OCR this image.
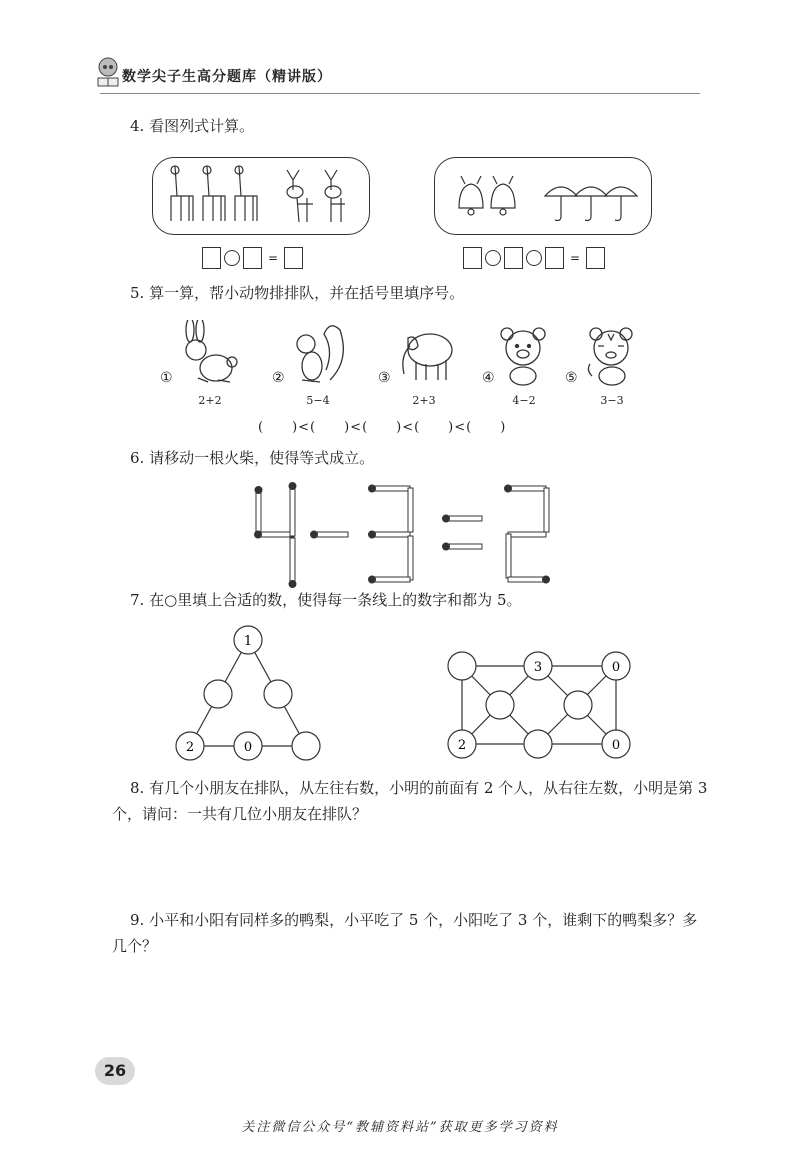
数学尖子生高分题库（精讲版）
4. 看图列式计算。
=	=
5. 算一算，帮小动物排排队，并在括号里填序号。
①
2+2
②
5−4
③
2+3
④
4−2
⑤
3−3
(　　)<(　　)<(　　)<(　　)<(　　)
6. 请移动一根火柴，使得等式成立。
7. 在○里填上合适的数，使得每一条线上的数字和都为 5。
1
2	0
3	0
2	0
8. 有几个小朋友在排队，从左往右数，小明的前面有 2 个人，从右往左数，小明是第 3 个，请问：一共有几位小朋友在排队？
9. 小平和小阳有同样多的鸭梨，小平吃了 5 个，小阳吃了 3 个，谁剩下的鸭梨多？多几个？
26
关注微信公众号“教辅资料站”获取更多学习资料
